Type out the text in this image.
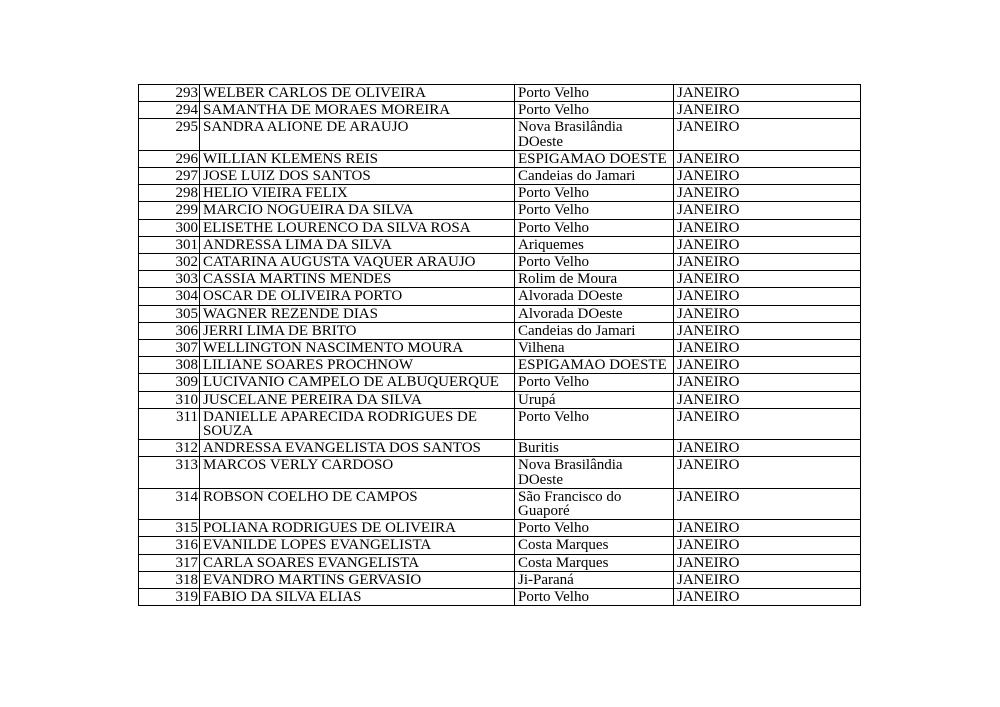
293	WELBER CARLOS DE OLIVEIRA	Porto Velho	JANEIRO
294	SAMANTHA DE MORAES MOREIRA	Porto Velho	JANEIRO
295	SANDRA ALIONE DE ARAUJO	Nova Brasilândia DOeste	JANEIRO
296	WILLIAN KLEMENS REIS	ESPIGAMAO DOESTE	JANEIRO
297	JOSE LUIZ DOS SANTOS	Candeias do Jamari	JANEIRO
298	HELIO VIEIRA FELIX	Porto Velho	JANEIRO
299	MARCIO NOGUEIRA DA SILVA	Porto Velho	JANEIRO
300	ELISETHE LOURENCO DA SILVA ROSA	Porto Velho	JANEIRO
301	ANDRESSA LIMA DA SILVA	Ariquemes	JANEIRO
302	CATARINA AUGUSTA VAQUER ARAUJO	Porto Velho	JANEIRO
303	CASSIA MARTINS MENDES	Rolim de Moura	JANEIRO
304	OSCAR DE OLIVEIRA PORTO	Alvorada DOeste	JANEIRO
305	WAGNER REZENDE DIAS	Alvorada DOeste	JANEIRO
306	JERRI LIMA DE BRITO	Candeias do Jamari	JANEIRO
307	WELLINGTON NASCIMENTO MOURA	Vilhena	JANEIRO
308	LILIANE SOARES PROCHNOW	ESPIGAMAO DOESTE	JANEIRO
309	LUCIVANIO CAMPELO DE ALBUQUERQUE	Porto Velho	JANEIRO
310	JUSCELANE PEREIRA DA SILVA	Urupá	JANEIRO
311	DANIELLE APARECIDA RODRIGUES DE SOUZA	Porto Velho	JANEIRO
312	ANDRESSA EVANGELISTA DOS SANTOS	Buritis	JANEIRO
313	MARCOS VERLY CARDOSO	Nova Brasilândia DOeste	JANEIRO
314	ROBSON COELHO DE CAMPOS	São Francisco do Guaporé	JANEIRO
315	POLIANA RODRIGUES DE OLIVEIRA	Porto Velho	JANEIRO
316	EVANILDE LOPES EVANGELISTA	Costa Marques	JANEIRO
317	CARLA SOARES EVANGELISTA	Costa Marques	JANEIRO
318	EVANDRO MARTINS GERVASIO	Ji-Paraná	JANEIRO
319	FABIO DA SILVA ELIAS	Porto Velho	JANEIRO
